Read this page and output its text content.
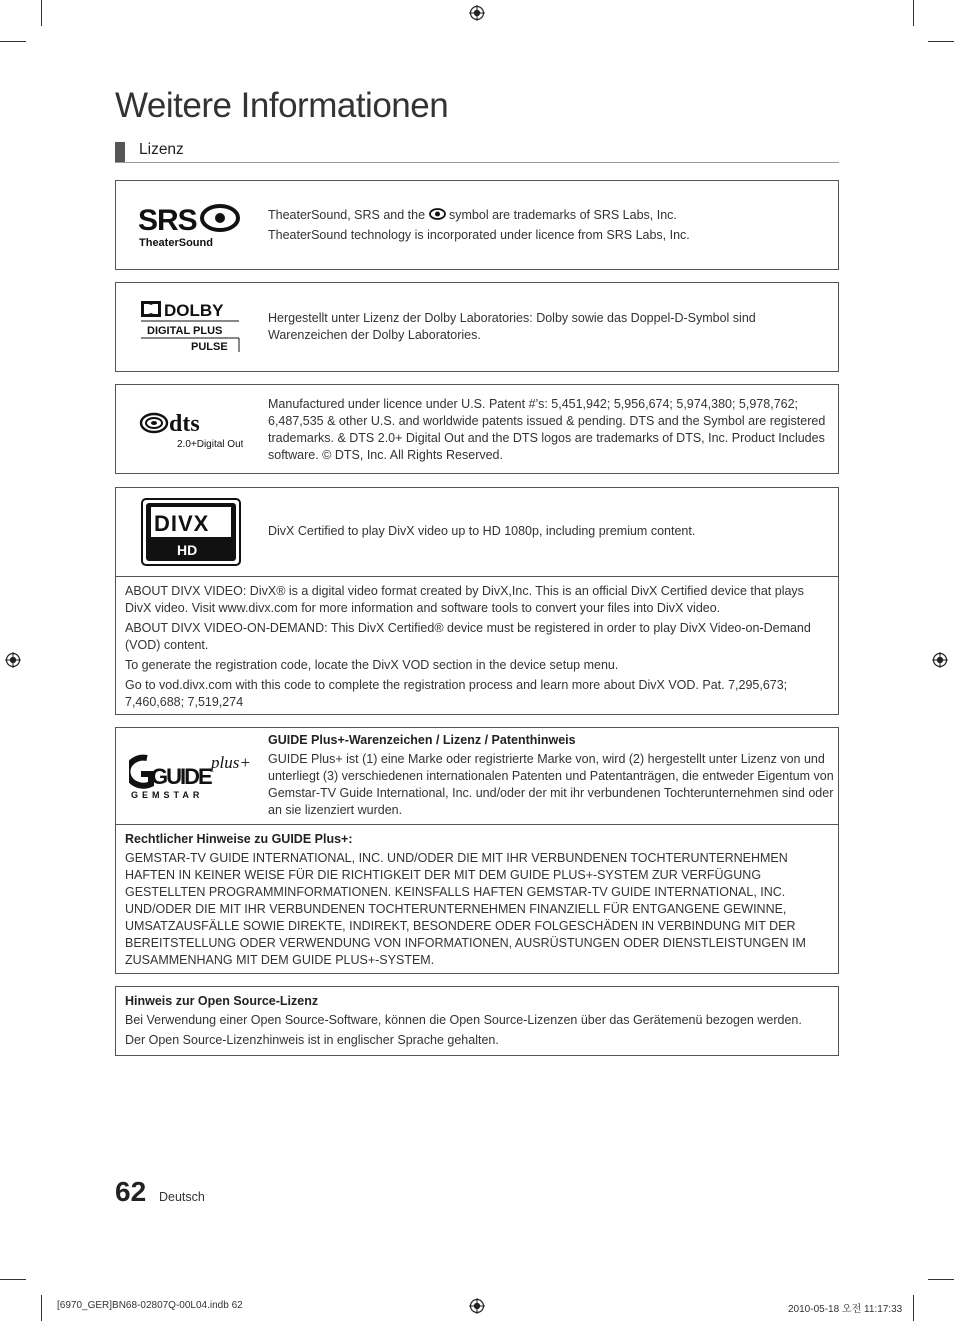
Weitere Informationen
Lizenz
SRS
TheaterSound

TheaterSound, SRS and the  symbol are trademarks of SRS Labs, Inc.

TheaterSound technology is incorporated under licence from SRS Labs, Inc.

DOLBY
DIGITAL PLUS
PULSE

Hergestellt unter Lizenz der Dolby Laboratories: Dolby sowie das Doppel-D-Symbol sind Warenzeichen der Dolby Laboratories.

dts
2.0+Digital Out

Manufactured under licence under U.S. Patent #’s: 5,451,942; 5,956,674; 5,974,380; 5,978,762; 6,487,535 & other U.S. and worldwide patents issued & pending. DTS and the Symbol are registered trademarks. & DTS 2.0+ Digital Out and the DTS logos are trademarks of DTS, Inc. Product Includes software. © DTS, Inc. All Rights Reserved.

DIVX
HD

DivX Certified to play DivX video up to HD 1080p, including premium content.

ABOUT DIVX VIDEO: DivX® is a digital video format created by DivX,Inc. This is an official DivX Certified device that plays DivX video. Visit www.divx.com for more information and software tools to convert your files into DivX video.

ABOUT DIVX VIDEO-ON-DEMAND: This DivX Certified® device must be registered in order to play DivX Video-on-Demand (VOD) content.

To generate the registration code, locate the DivX VOD section in the device setup menu.

Go to vod.divx.com with this code to complete the registration process and learn more about DivX VOD. Pat. 7,295,673; 7,460,688; 7,519,274

GUIDE
plus+
GEMSTAR

GUIDE Plus+-Warenzeichen / Lizenz / Patenthinweis

GUIDE Plus+ ist (1) eine Marke oder registrierte Marke von, wird (2) hergestellt unter Lizenz von und unterliegt (3) verschiedenen internationalen Patenten und Patentanträgen, die entweder Eigentum von Gemstar-TV Guide International, Inc. und/oder der mit ihr verbundenen Tochterunternehmen sind oder an sie lizenziert wurden.

Rechtlicher Hinweise zu GUIDE Plus+:

GEMSTAR-TV GUIDE INTERNATIONAL, INC. UND/ODER DIE MIT IHR VERBUNDENEN TOCHTERUNTERNEHMEN HAFTEN IN KEINER WEISE FÜR DIE RICHTIGKEIT DER MIT DEM GUIDE PLUS+-SYSTEM ZUR VERFÜGUNG GESTELLTEN PROGRAMMINFORMATIONEN. KEINSFALLS HAFTEN GEMSTAR-TV GUIDE INTERNATIONAL, INC. UND/ODER DIE MIT IHR VERBUNDENEN TOCHTERUNTERNEHMEN FINANZIELL FÜR ENTGANGENE GEWINNE, UMSATZAUSFÄLLE SOWIE DIREKTE, INDIREKT, BESONDERE ODER FOLGESCHÄDEN IN VERBINDUNG MIT DER BEREITSTELLUNG ODER VERWENDUNG VON INFORMATIONEN, AUSRÜSTUNGEN ODER DIENSTLEISTUNGEN IM ZUSAMMENHANG MIT DEM GUIDE PLUS+-SYSTEM.

Hinweis zur Open Source-Lizenz

Bei Verwendung einer Open Source-Software, können die Open Source-Lizenzen über das Gerätemenü bezogen werden.

Der Open Source-Lizenzhinweis ist in englischer Sprache gehalten.

62 Deutsch
[6970_GER]BN68-02807Q-00L04.indb 62	2010-05-18 오전 11:17:33
